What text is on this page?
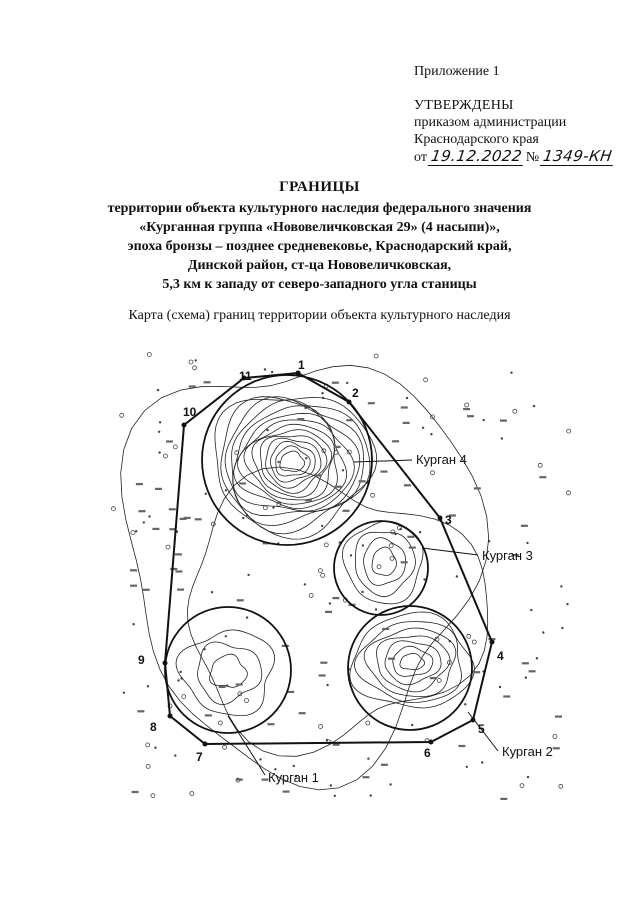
Приложение 1
УТВЕРЖДЕНЫ
приказом администрации
Краснодарского края
от 19.12.2022 № 1349-КН
ГРАНИЦЫ
территории объекта культурного наследия федерального значения
«Курганная группа «Нововеличковская 29» (4 насыпи)»,
эпоха бронзы – позднее средневековье, Краснодарский край,
Динской район, ст-ца Нововеличковская,
5,3 км к западу от северо-западного угла станицы
Карта (схема) границ территории объекта культурного наследия
1
2
3
4
5
6
7
8
9
10
11
Курган 4
Курган 3
Курган 2
Курган 1
